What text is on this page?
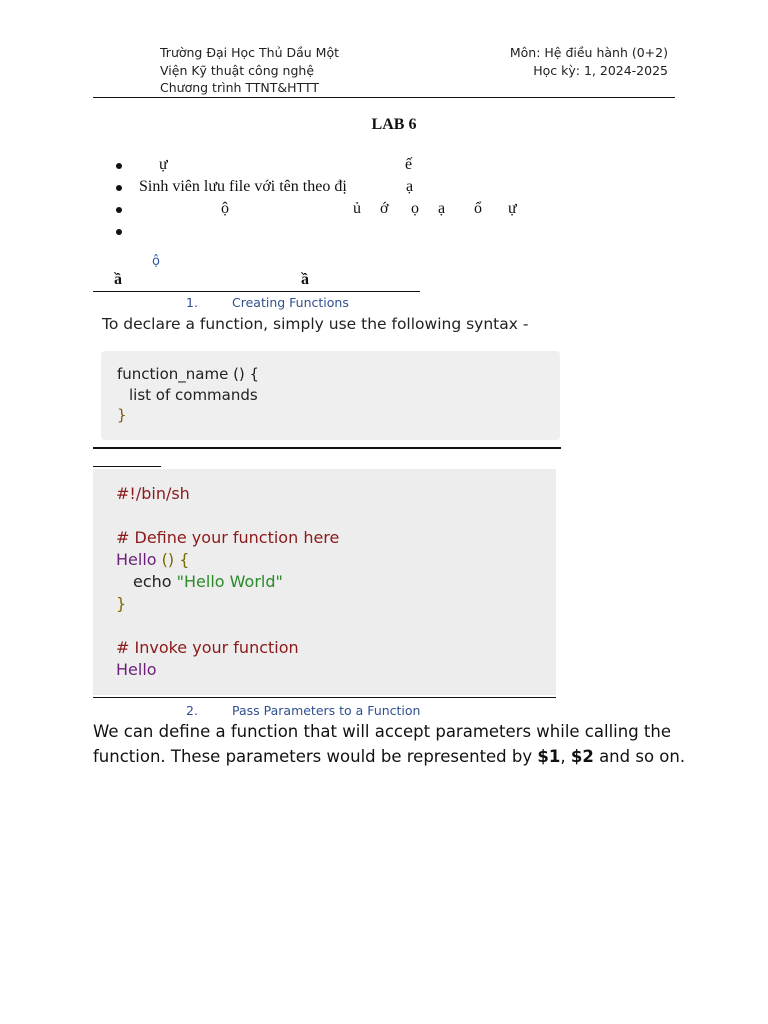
Trường Đại Học Thủ Dầu Một
Viện Kỹ thuật công nghệ
Chương trình TTNT&HTTT
Môn: Hệ điều hành (0+2)
Học kỳ: 1, 2024-2025
LAB 6
ự	ế
Sinh viên lưu file với tên theo đị	ạ
ộ	ủ ớ ọ ạ ổ ự
ộ
ầ	ầ
1.	Creating Functions
To declare a function, simply use the following syntax -
function_name () {
list of commands
}
#!/bin/sh
# Define your function here
Hello () {
echo "Hello World"
}
# Invoke your function
Hello
2.	Pass Parameters to a Function
We can define a function that will accept parameters while calling the function. These parameters would be represented by $1, $2 and so on.
